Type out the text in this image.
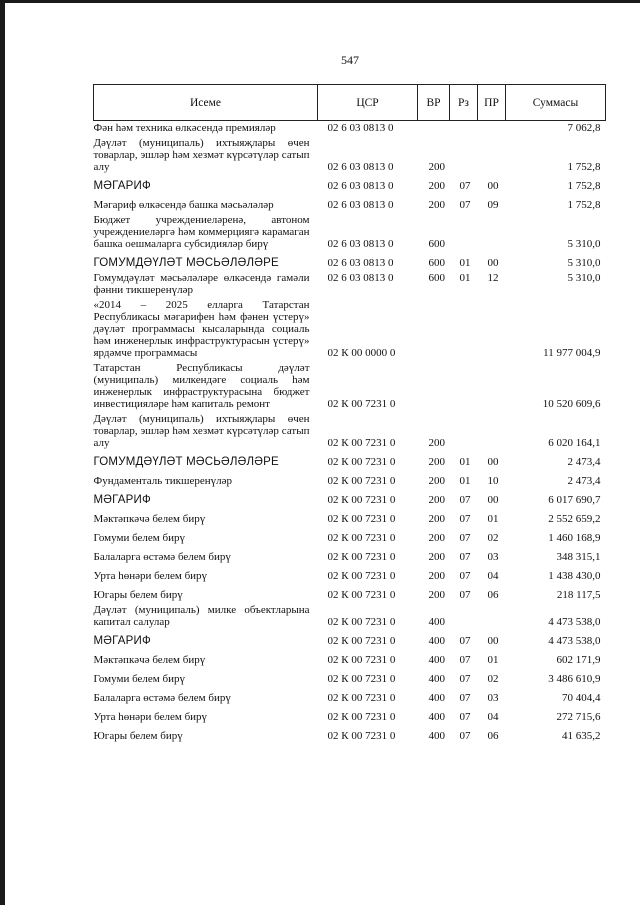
547
Исеме	ЦСР	ВР	Рз	ПР	Суммасы
Фән һәм техника өлкәсендә премияләр	02 6 03 0813 0				7 062,8
Дәүләт (муниципаль) ихтыяҗлары өчен товарлар, эшләр һәм хезмәт күрсәтүләр сатып алу	02 6 03 0813 0	200			1 752,8
МӘГАРИФ	02 6 03 0813 0	200	07	00	1 752,8
Мәгариф өлкәсендә башка мәсьәләләр	02 6 03 0813 0	200	07	09	1 752,8
Бюджет учреждениеләренә, автоном учреждениеләргә һәм коммерциягә карамаган башка оешмаларга субсидияләр бирү	02 6 03 0813 0	600			5 310,0
ГОМУМДӘҮЛӘТ МӘСЬӘЛӘЛӘРЕ	02 6 03 0813 0	600	01	00	5 310,0
Гомумдәүләт мәсьәләләре өлкәсендә гамәли фәнни тикшеренүләр	02 6 03 0813 0	600	01	12	5 310,0
«2014 – 2025 елларга Татарстан Республикасы мәгарифен һәм фәнен үстерү» дәүләт программасы кысаларында социаль һәм инженерлык инфраструктурасын үстерү» ярдәмче программасы	02 К 00 0000 0				11 977 004,9
Татарстан Республикасы дәүләт (муниципаль) милкендәге социаль һәм инженерлык инфраструктурасына бюджет инвестицияләре һәм капиталь ремонт	02 К 00 7231 0				10 520 609,6
Дәүләт (муниципаль) ихтыяҗлары өчен товарлар, эшләр һәм хезмәт күрсәтүләр сатып алу	02 К 00 7231 0	200			6 020 164,1
ГОМУМДӘҮЛӘТ МӘСЬӘЛӘЛӘРЕ	02 К 00 7231 0	200	01	00	2 473,4
Фундаменталь тикшеренүләр	02 К 00 7231 0	200	01	10	2 473,4
МӘГАРИФ	02 К 00 7231 0	200	07	00	6 017 690,7
Мәктәпкәчә белем бирү	02 К 00 7231 0	200	07	01	2 552 659,2
Гомуми белем бирү	02 К 00 7231 0	200	07	02	1 460 168,9
Балаларга өстәмә белем бирү	02 К 00 7231 0	200	07	03	348 315,1
Урта һөнәри белем бирү	02 К 00 7231 0	200	07	04	1 438 430,0
Югары белем бирү	02 К 00 7231 0	200	07	06	218 117,5
Дәүләт (муниципаль) милке объектларына капитал салулар	02 К 00 7231 0	400			4 473 538,0
МӘГАРИФ	02 К 00 7231 0	400	07	00	4 473 538,0
Мәктәпкәчә белем бирү	02 К 00 7231 0	400	07	01	602 171,9
Гомуми белем бирү	02 К 00 7231 0	400	07	02	3 486 610,9
Балаларга өстәмә белем бирү	02 К 00 7231 0	400	07	03	70 404,4
Урта һөнәри белем бирү	02 К 00 7231 0	400	07	04	272 715,6
Югары белем бирү	02 К 00 7231 0	400	07	06	41 635,2
